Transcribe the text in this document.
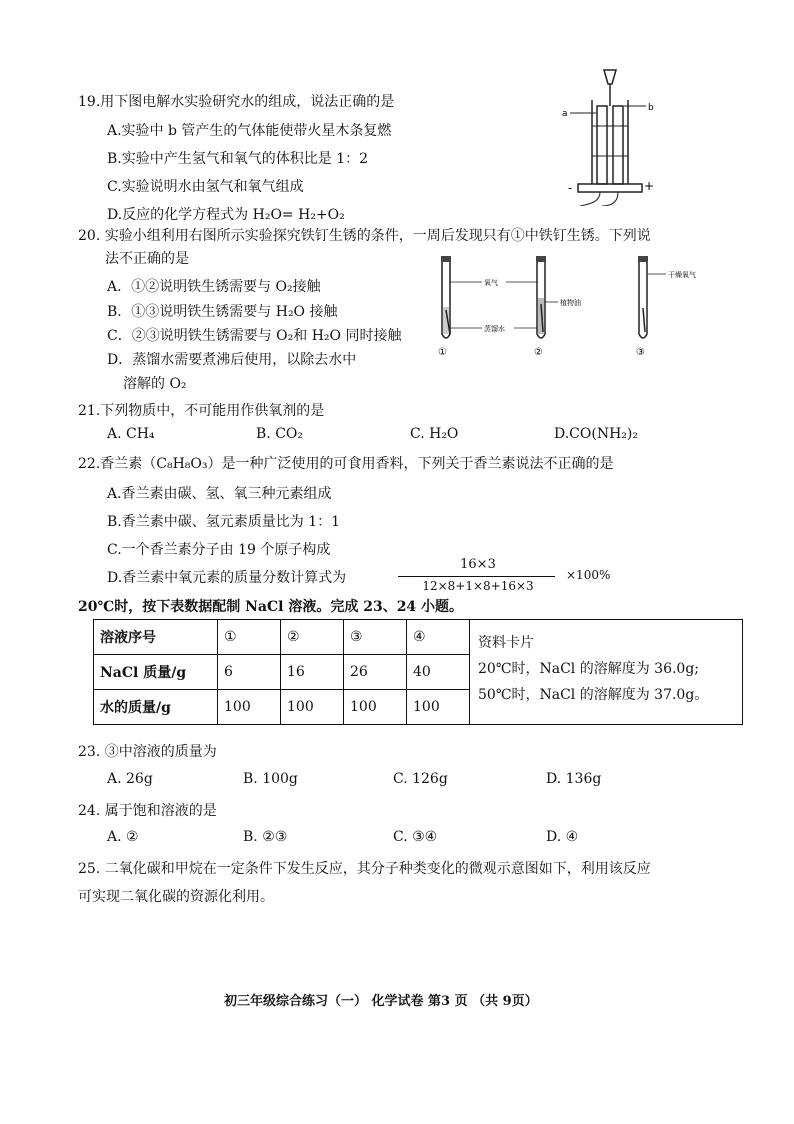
19.用下图电解水实验研究水的组成，说法正确的是
A.实验中 b 管产生的气体能使带火星木条复燃
B.实验中产生氢气和氧气的体积比是 1：2
C.实验说明水由氢气和氧气组成
D.反应的化学方程式为 H₂O= H₂+O₂
a
b
-	+
20. 实验小组利用右图所示实验探究铁钉生锈的条件，一周后发现只有①中铁钉生锈。下列说
法不正确的是
A．①②说明铁生锈需要与 O₂接触
B．①③说明铁生锈需要与 H₂O 接触
C．②③说明铁生锈需要与 O₂和 H₂O 同时接触
D．蒸馏水需要煮沸后使用，以除去水中
溶解的 O₂
①	②
氧气
蒸馏水
植物油
干燥氧气
③
21.下列物质中，不可能用作供氧剂的是
A. CH₄	B. CO₂	C. H₂O	D.CO(NH₂)₂
22.香兰素（C₈H₈O₃）是一种广泛使用的可食用香料，下列关于香兰素说法不正确的是
A.香兰素由碳、氢、氧三种元素组成
B.香兰素中碳、氢元素质量比为 1：1
C.一个香兰素分子由 19 个原子构成
D.香兰素中氧元素的质量分数计算式为
16×3
12×8+1×8+16×3
×100%
20℃时，按下表数据配制 NaCl 溶液。完成 23、24 小题。
溶液序号	①	②	③	④	资料卡片
20℃时，NaCl 的溶解度为 36.0g;
50℃时，NaCl 的溶解度为 37.0g。

NaCl 质量/g	6	16	26	40	
水的质量/g	100	100	100	100	
23. ③中溶液的质量为
A. 26g	B. 100g	C. 126g	D. 136g
24. 属于饱和溶液的是
A. ②	B. ②③	C. ③④	D. ④
25. 二氧化碳和甲烷在一定条件下发生反应，其分子种类变化的微观示意图如下，利用该反应
可实现二氧化碳的资源化利用。
初三年级综合练习（一） 化学试卷 第3 页 （共 9页）
